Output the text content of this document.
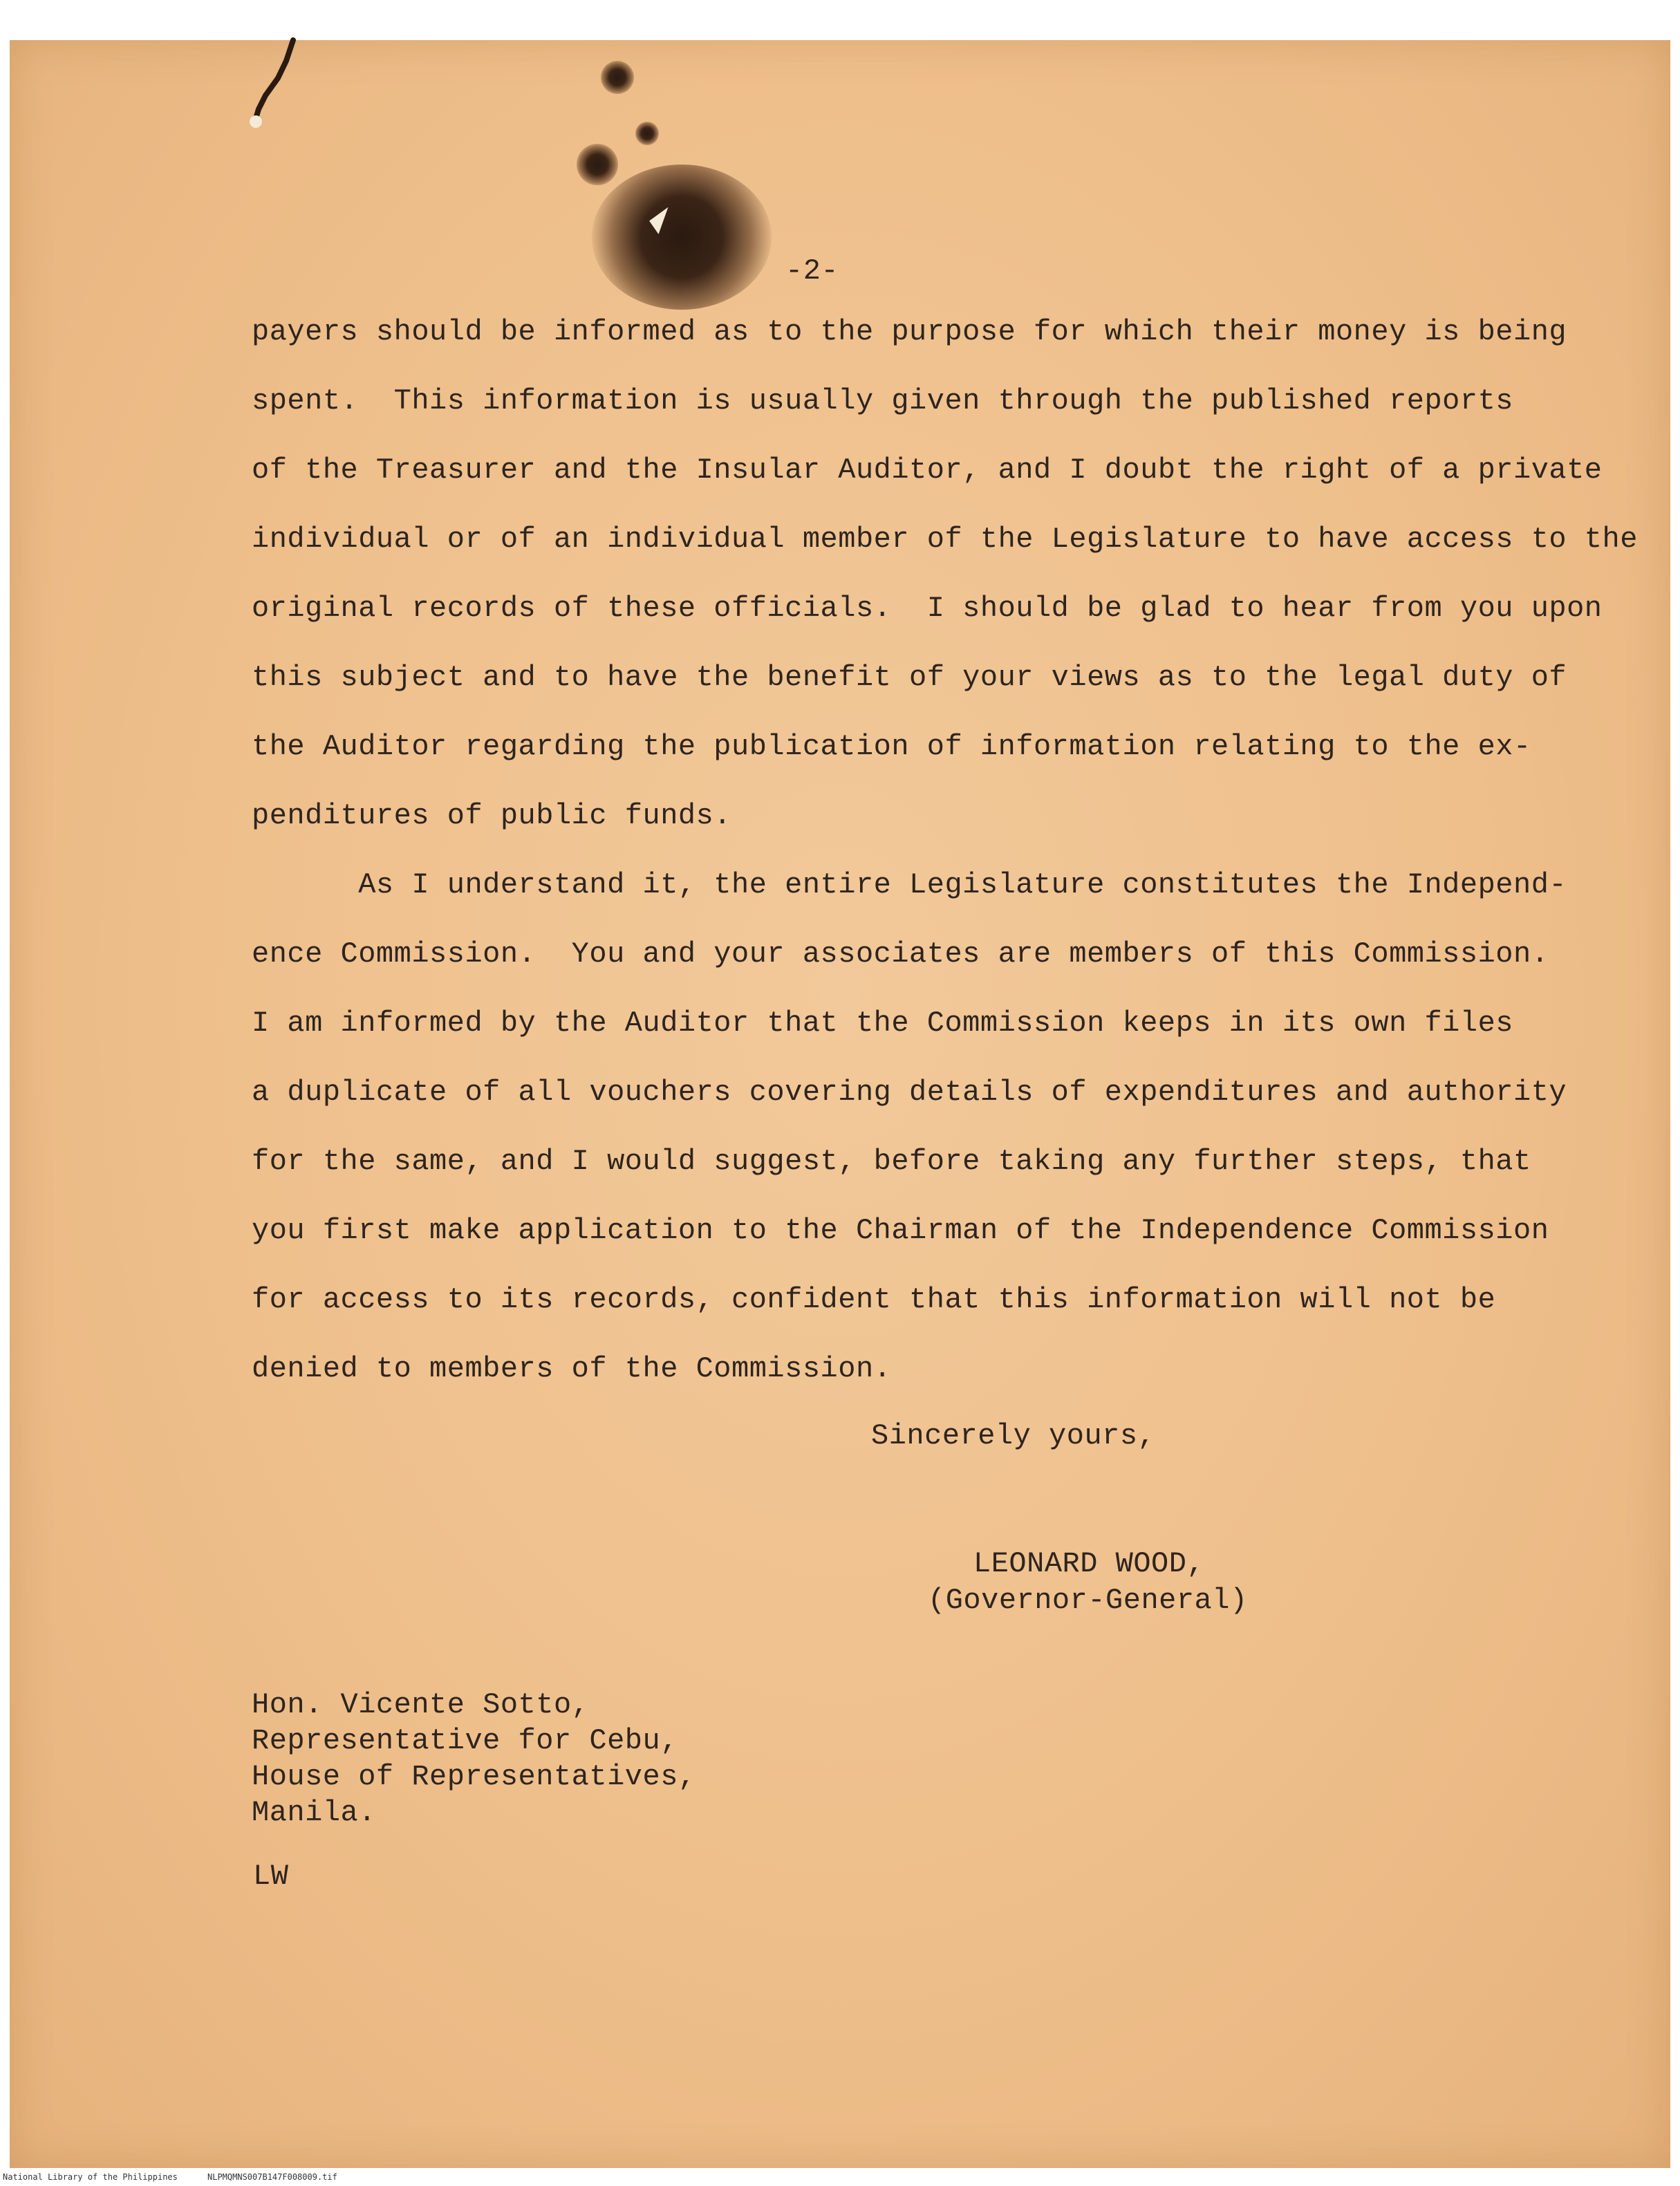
-2-
payers should be informed as to the purpose for which their money is being
spent.  This information is usually given through the published reports
of the Treasurer and the Insular Auditor, and I doubt the right of a private
individual or of an individual member of the Legislature to have access to the
original records of these officials.  I should be glad to hear from you upon
this subject and to have the benefit of your views as to the legal duty of
the Auditor regarding the publication of information relating to the ex-
penditures of public funds.
As I understand it, the entire Legislature constitutes the Independ-
ence Commission.  You and your associates are members of this Commission.
I am informed by the Auditor that the Commission keeps in its own files
a duplicate of all vouchers covering details of expenditures and authority
for the same, and I would suggest, before taking any further steps, that
you first make application to the Chairman of the Independence Commission
for access to its records, confident that this information will not be
denied to members of the Commission.
Sincerely yours,
LEONARD WOOD,
(Governor-General)
Hon. Vicente Sotto,
Representative for Cebu,
House of Representatives,
Manila.
LW
National Library of the Philippines	NLPMQMNS007B147F008009.tif
